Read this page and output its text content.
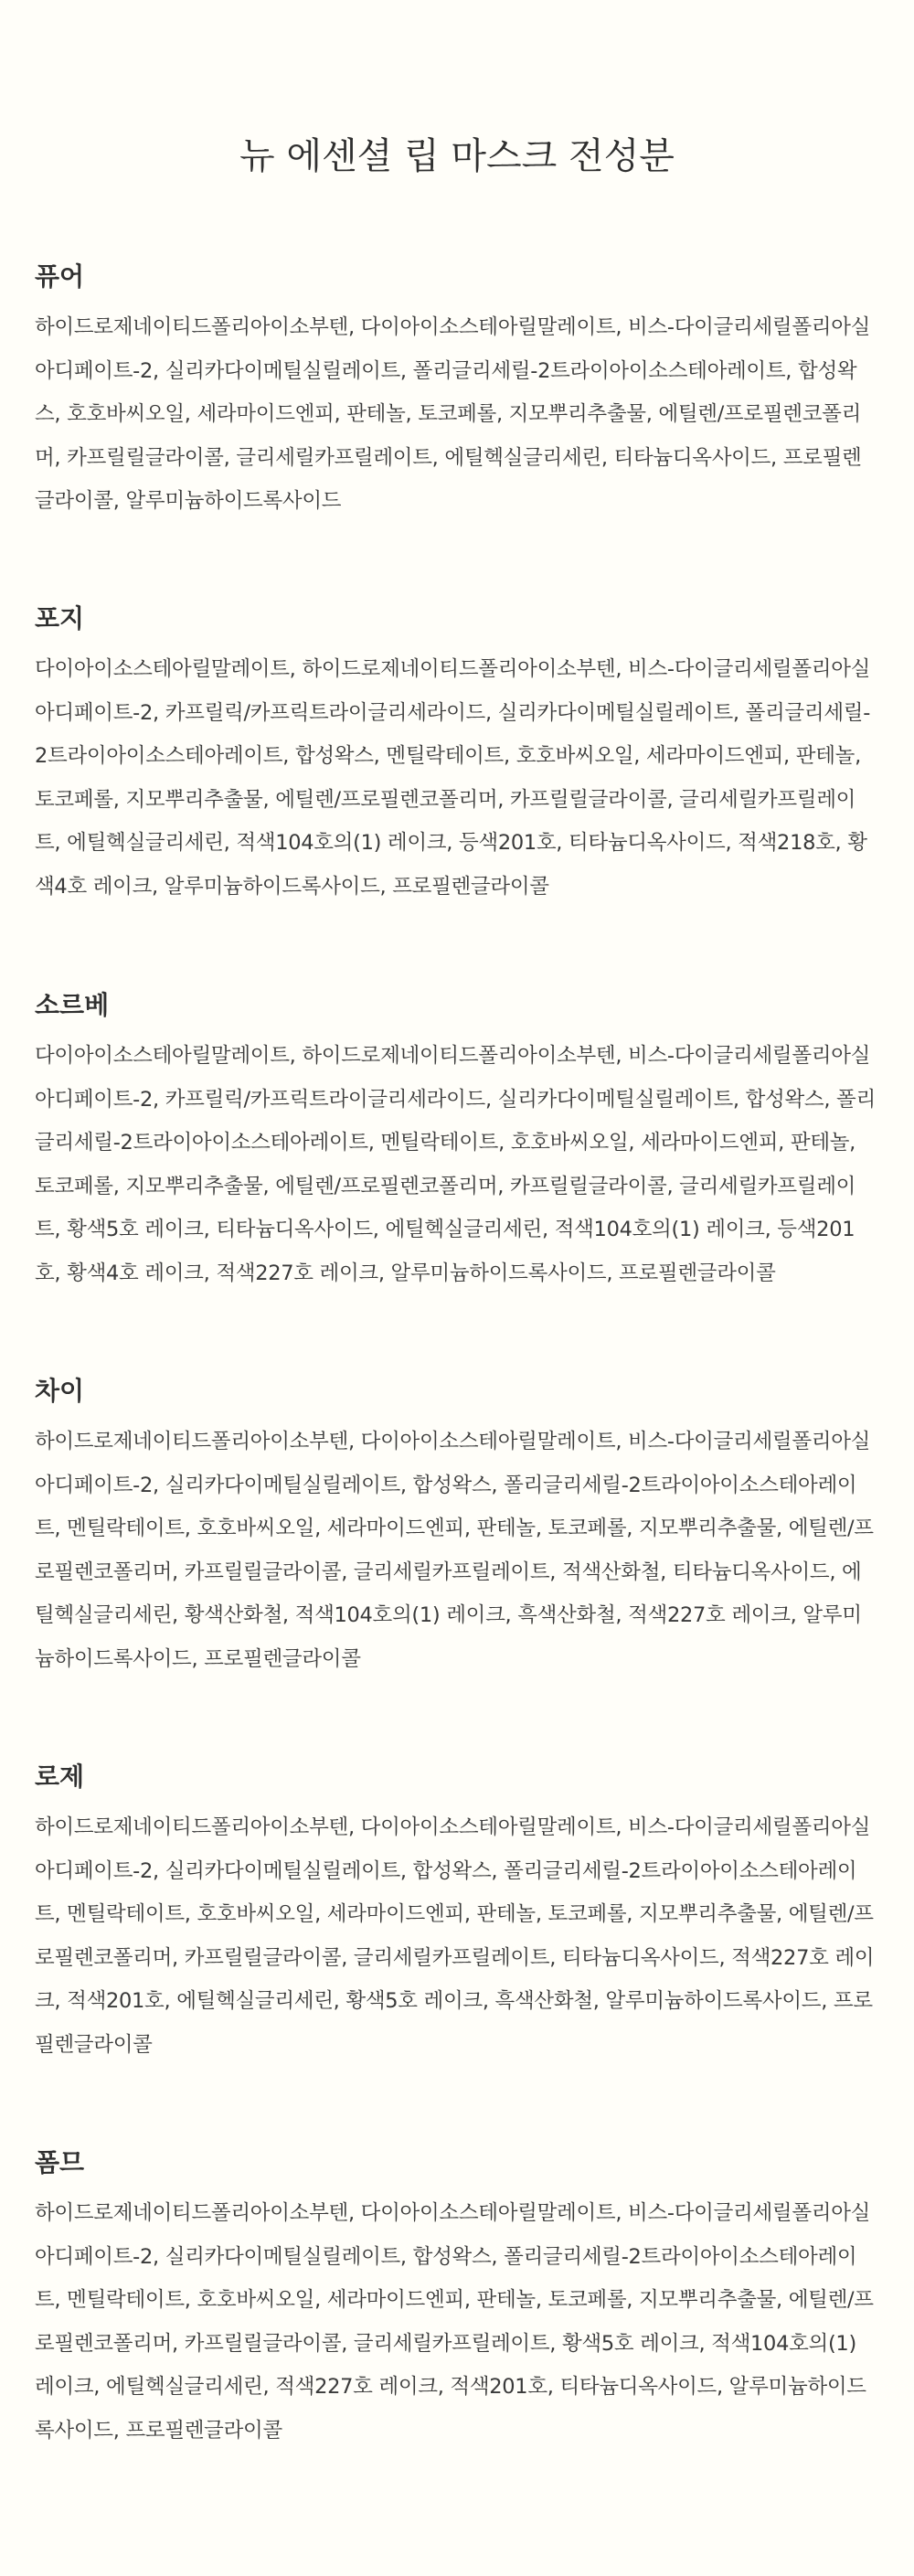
뉴 에센셜 립 마스크 전성분
퓨어

하이드로제네이티드폴리아이소부텐, 다이아이소스테아릴말레이트, 비스-다이글리세릴폴리아실아디페이트-2, 실리카다이메틸실릴레이트, 폴리글리세릴-2트라이아이소스테아레이트, 합성왁스, 호호바씨오일, 세라마이드엔피, 판테놀, 토코페롤, 지모뿌리추출물, 에틸렌/프로필렌코폴리머, 카프릴릴글라이콜, 글리세릴카프릴레이트, 에틸헥실글리세린, 티타늄디옥사이드, 프로필렌글라이콜, 알루미늄하이드록사이드

포지

다이아이소스테아릴말레이트, 하이드로제네이티드폴리아이소부텐, 비스-다이글리세릴폴리아실아디페이트-2, 카프릴릭/카프릭트라이글리세라이드, 실리카다이메틸실릴레이트, 폴리글리세릴-2트라이아이소스테아레이트, 합성왁스, 멘틸락테이트, 호호바씨오일, 세라마이드엔피, 판테놀, 토코페롤, 지모뿌리추출물, 에틸렌/프로필렌코폴리머, 카프릴릴글라이콜, 글리세릴카프릴레이트, 에틸헥실글리세린, 적색104호의(1) 레이크, 등색201호, 티타늄디옥사이드, 적색218호, 황색4호 레이크, 알루미늄하이드록사이드, 프로필렌글라이콜

소르베

다이아이소스테아릴말레이트, 하이드로제네이티드폴리아이소부텐, 비스-다이글리세릴폴리아실아디페이트-2, 카프릴릭/카프릭트라이글리세라이드, 실리카다이메틸실릴레이트, 합성왁스, 폴리글리세릴-2트라이아이소스테아레이트, 멘틸락테이트, 호호바씨오일, 세라마이드엔피, 판테놀, 토코페롤, 지모뿌리추출물, 에틸렌/프로필렌코폴리머, 카프릴릴글라이콜, 글리세릴카프릴레이트, 황색5호 레이크, 티타늄디옥사이드, 에틸헥실글리세린, 적색104호의(1) 레이크, 등색201호, 황색4호 레이크, 적색227호 레이크, 알루미늄하이드록사이드, 프로필렌글라이콜

차이

하이드로제네이티드폴리아이소부텐, 다이아이소스테아릴말레이트, 비스-다이글리세릴폴리아실아디페이트-2, 실리카다이메틸실릴레이트, 합성왁스, 폴리글리세릴-2트라이아이소스테아레이트, 멘틸락테이트, 호호바씨오일, 세라마이드엔피, 판테놀, 토코페롤, 지모뿌리추출물, 에틸렌/프로필렌코폴리머, 카프릴릴글라이콜, 글리세릴카프릴레이트, 적색산화철, 티타늄디옥사이드, 에틸헥실글리세린, 황색산화철, 적색104호의(1) 레이크, 흑색산화철, 적색227호 레이크, 알루미늄하이드록사이드, 프로필렌글라이콜

로제

하이드로제네이티드폴리아이소부텐, 다이아이소스테아릴말레이트, 비스-다이글리세릴폴리아실아디페이트-2, 실리카다이메틸실릴레이트, 합성왁스, 폴리글리세릴-2트라이아이소스테아레이트, 멘틸락테이트, 호호바씨오일, 세라마이드엔피, 판테놀, 토코페롤, 지모뿌리추출물, 에틸렌/프로필렌코폴리머, 카프릴릴글라이콜, 글리세릴카프릴레이트, 티타늄디옥사이드, 적색227호 레이크, 적색201호, 에틸헥실글리세린, 황색5호 레이크, 흑색산화철, 알루미늄하이드록사이드, 프로필렌글라이콜

폼므

하이드로제네이티드폴리아이소부텐, 다이아이소스테아릴말레이트, 비스-다이글리세릴폴리아실아디페이트-2, 실리카다이메틸실릴레이트, 합성왁스, 폴리글리세릴-2트라이아이소스테아레이트, 멘틸락테이트, 호호바씨오일, 세라마이드엔피, 판테놀, 토코페롤, 지모뿌리추출물, 에틸렌/프로필렌코폴리머, 카프릴릴글라이콜, 글리세릴카프릴레이트, 황색5호 레이크, 적색104호의(1) 레이크, 에틸헥실글리세린, 적색227호 레이크, 적색201호, 티타늄디옥사이드, 알루미늄하이드록사이드, 프로필렌글라이콜
